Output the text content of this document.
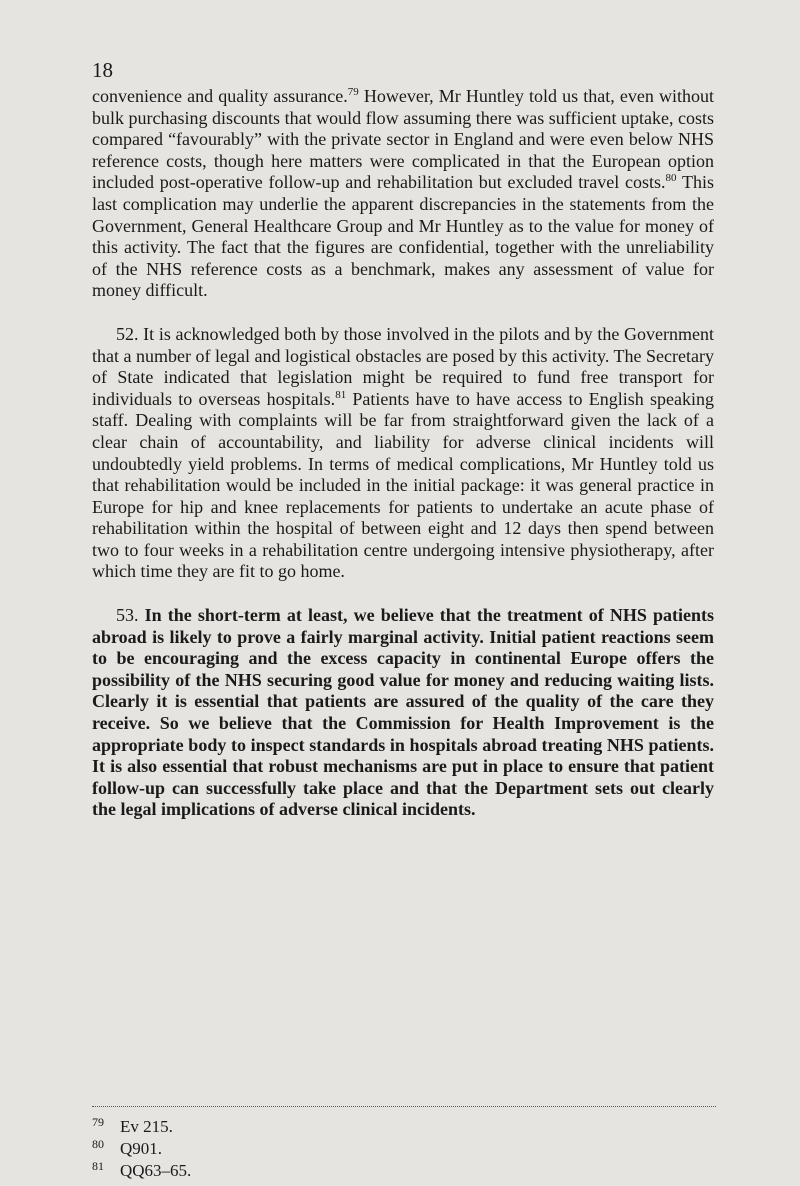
18

convenience and quality assurance.$^{79}$ However, Mr Huntley told us that, even without bulk purchasing discounts that would flow assuming there was sufficient uptake, costs compared “favourably” with the private sector in England and were even below NHS reference costs, though here matters were complicated in that the European option included post-operative follow-up and rehabilitation but excluded travel costs.$^{80}$ This last complication may underlie the apparent discrepancies in the statements from the Government, General Healthcare Group and Mr Huntley as to the value for money of this activity. The fact that the figures are confidential, together with the unreliability of the NHS reference costs as a benchmark, makes any assessment of value for money difficult.

52. It is acknowledged both by those involved in the pilots and by the Government that a number of legal and logistical obstacles are posed by this activity. The Secretary of State indicated that legislation might be required to fund free transport for individuals to overseas hospitals.$^{81}$ Patients have to have access to English speaking staff. Dealing with complaints will be far from straightforward given the lack of a clear chain of accountability, and liability for adverse clinical incidents will undoubtedly yield problems. In terms of medical complications, Mr Huntley told us that rehabilitation would be included in the initial package: it was general practice in Europe for hip and knee replacements for patients to undertake an acute phase of rehabilitation within the hospital of between eight and 12 days then spend between two to four weeks in a rehabilitation centre undergoing intensive physiotherapy, after which time they are fit to go home.

53. In the short-term at least, we believe that the treatment of NHS patients abroad is likely to prove a fairly marginal activity. Initial patient reactions seem to be encouraging and the excess capacity in continental Europe offers the possibility of the NHS securing good value for money and reducing waiting lists. Clearly it is essential that patients are assured of the quality of the care they receive. So we believe that the Commission for Health Improvement is the appropriate body to inspect standards in hospitals abroad treating NHS patients. It is also essential that robust mechanisms are put in place to ensure that patient follow-up can successfully take place and that the Department sets out clearly the legal implications of adverse clinical incidents.

79 Ev 215.
80 Q901.
81 QQ63–65.
